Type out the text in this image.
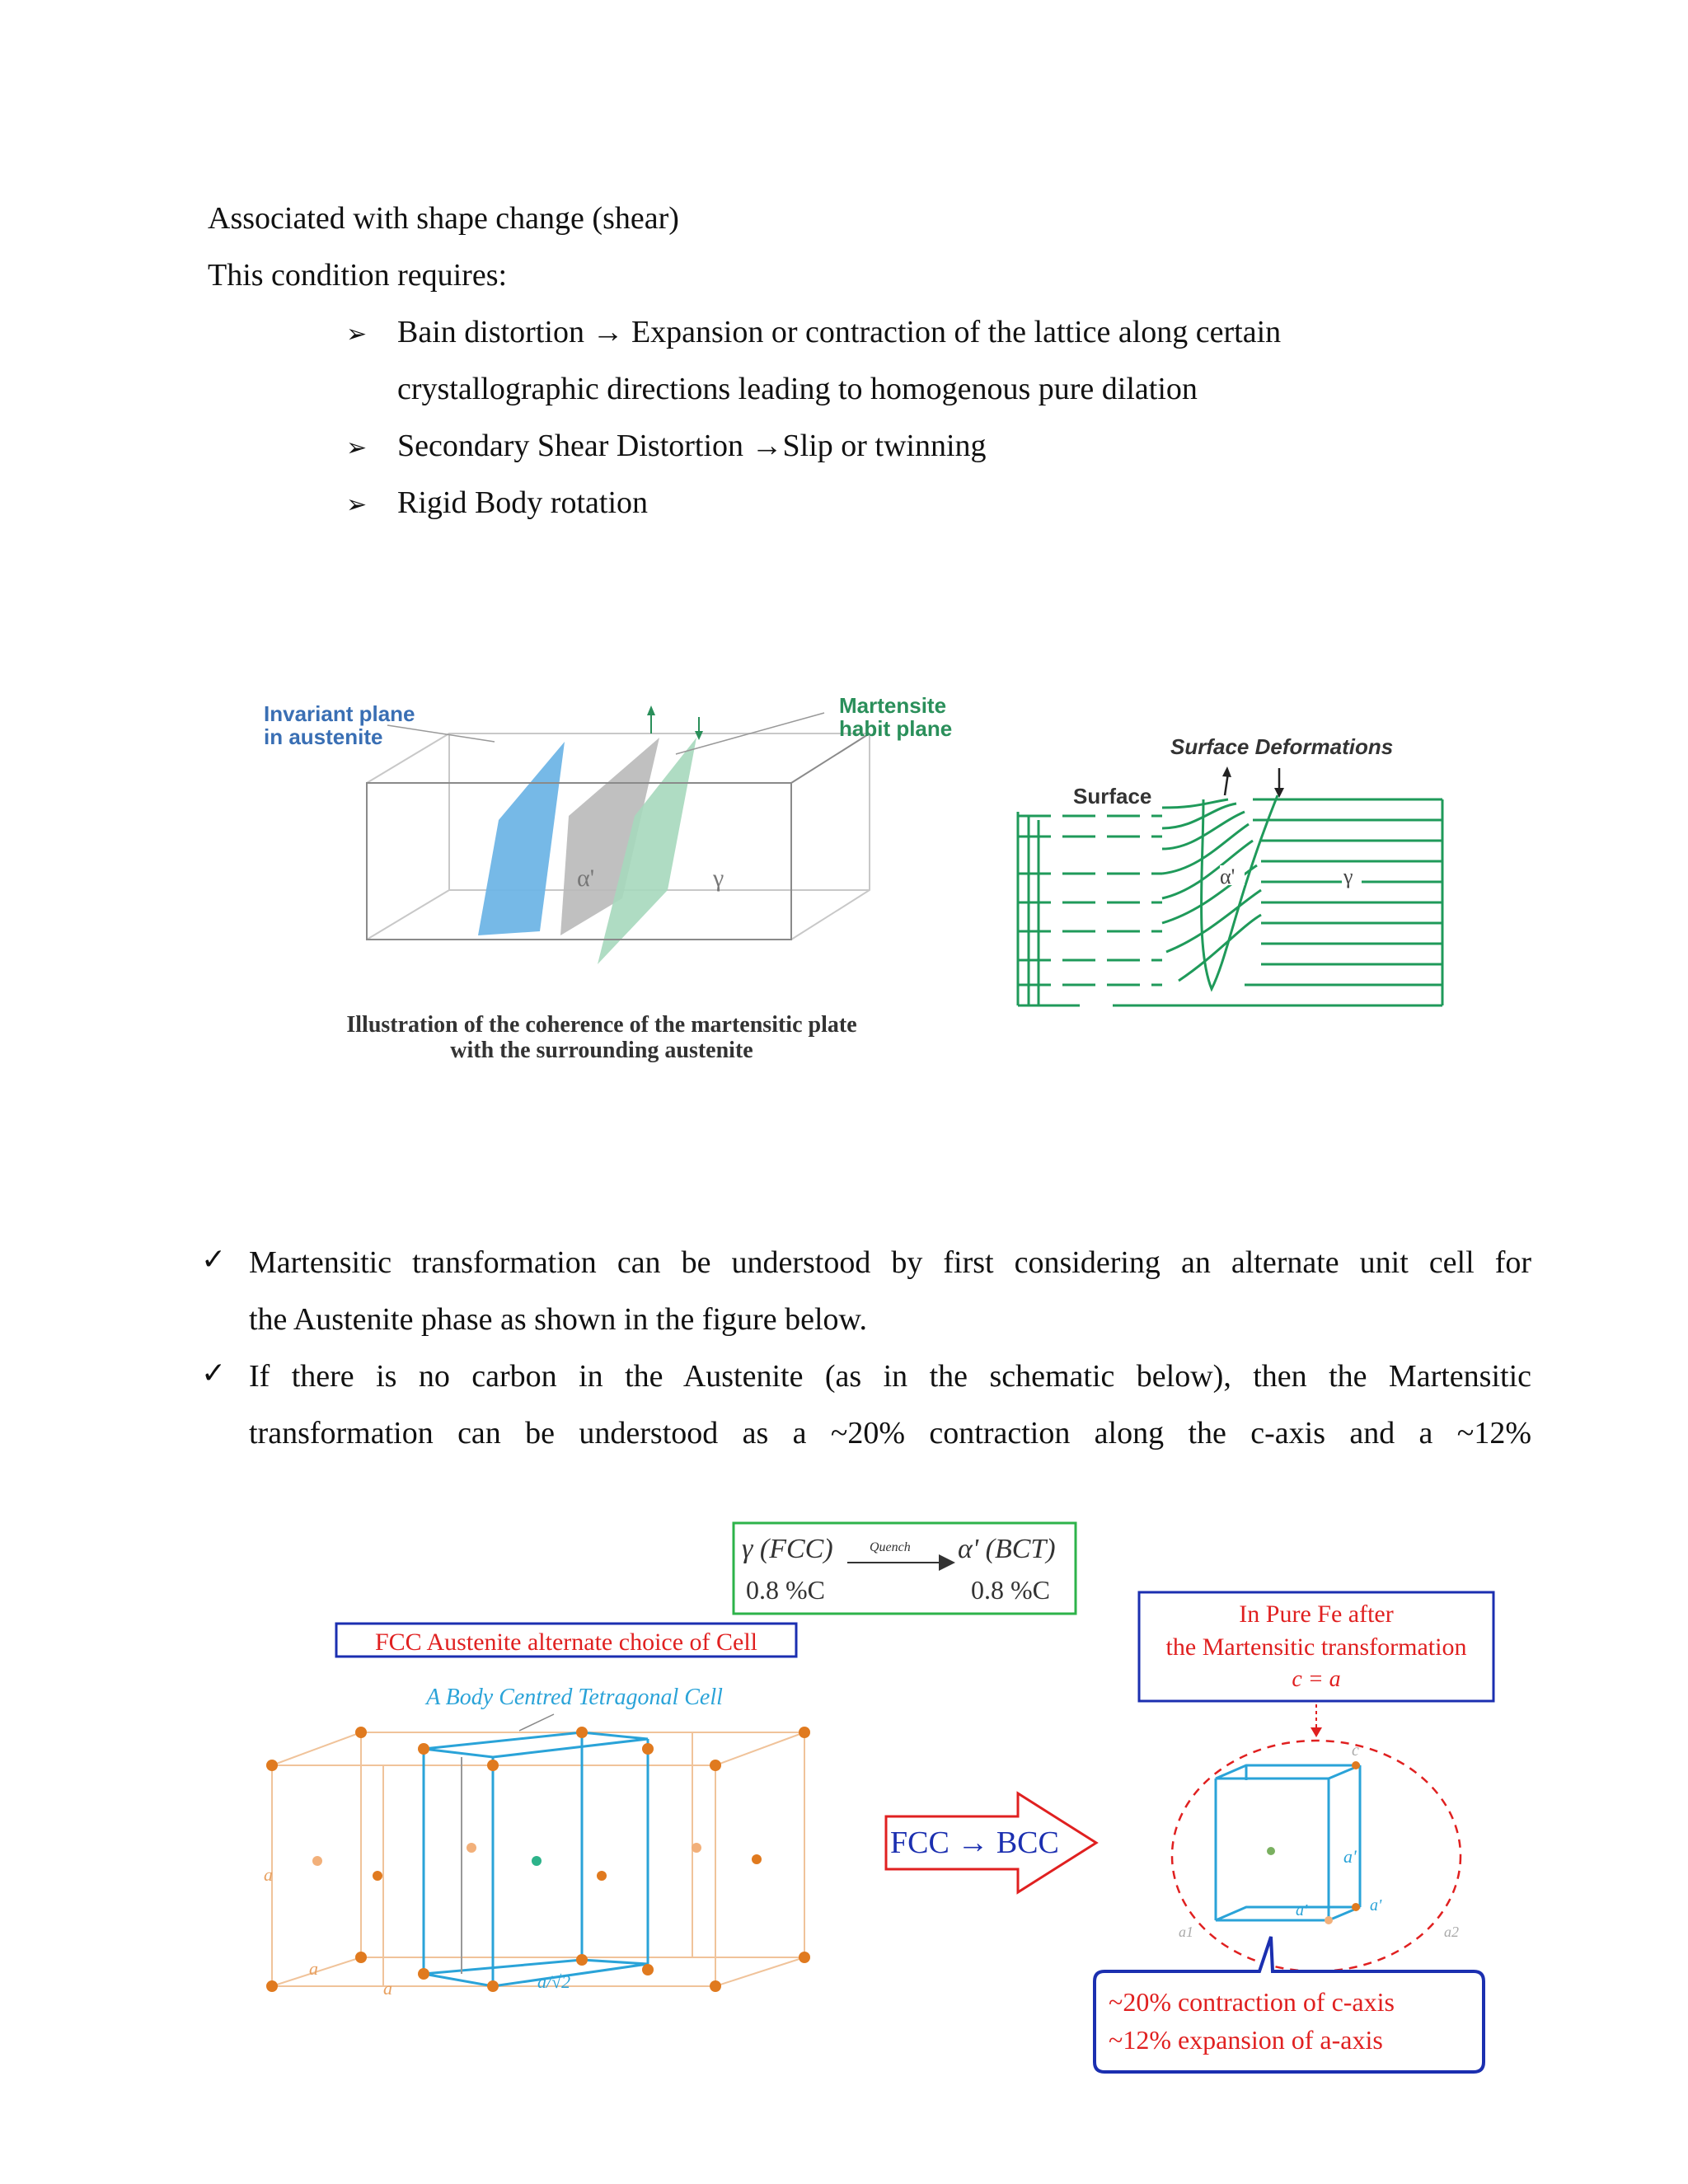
Associated with shape change (shear)
This condition requires:
➢ Bain distortion → Expansion or contraction of the lattice along certain
crystallographic directions leading to homogenous pure dilation
➢ Secondary Shear Distortion →Slip or twinning
➢ Rigid Body rotation
Invariant plane
in austenite
Martensite
habit plane
α'	γ
Illustration of the coherence of the martensitic plate
with the surrounding austenite
Surface Deformations
Surface
α'	γ
✓ Martensitic transformation can be understood by first considering an alternate unit cell for
the Austenite phase as shown in the figure below.
✓ If there is no carbon in the Austenite (as in the schematic below), then the Martensitic
transformation can be understood as a ~20% contraction along the c-axis and a ~12%
γ (FCC)
0.8 %C
Quench α' (BCT)
0.8 %C
FCC Austenite alternate choice of Cell
A Body Centred Tetragonal Cell
a
a
a	a/√2
FCC → BCC
In Pure Fe after
the Martensitic transformation
c = a
c
a'
a'	a'
a1	a2
~20% contraction of c-axis
~12% expansion of a-axis
